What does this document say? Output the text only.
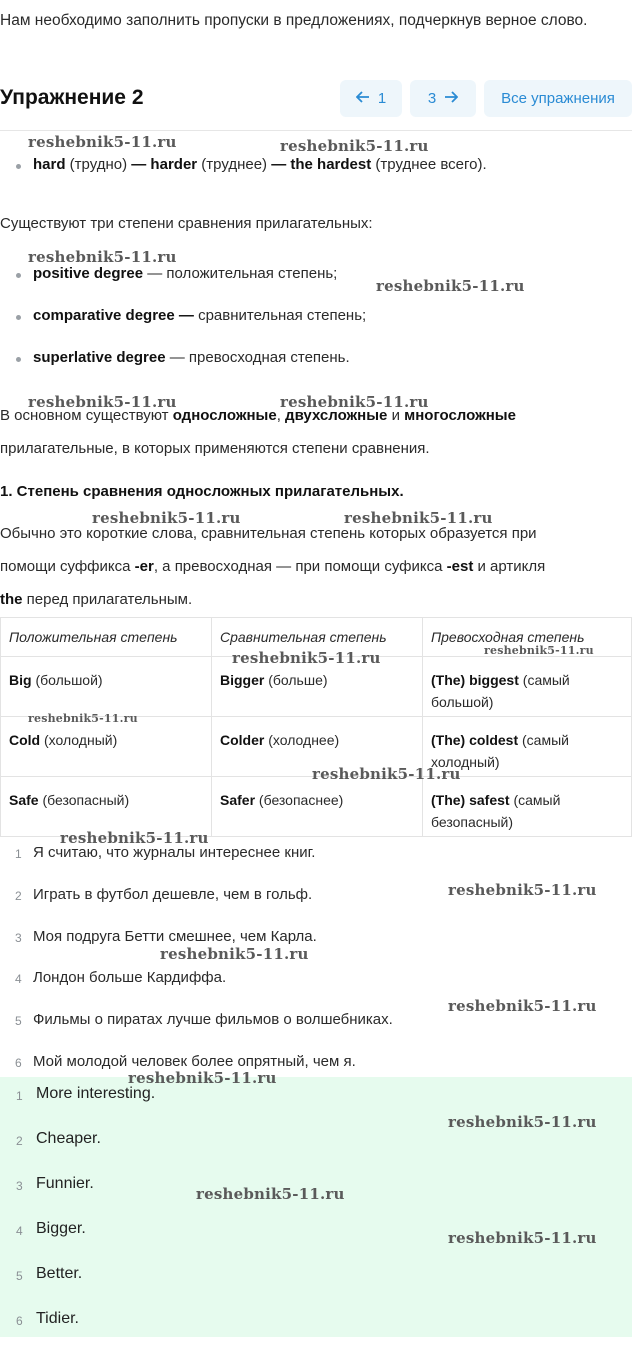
Нам необходимо заполнить пропуски в предложениях, подчеркнув верное слово.
Упражнение 2	1	3	Все упражнения
hard (трудно) — harder (труднее) — the hardest (труднее всего).
Существуют три степени сравнения прилагательных:
positive degree — положительная степень;
comparative degree — сравнительная степень;
superlative degree — превосходная степень.
В основном существуют односложные, двухсложные и многосложные
прилагательные, в которых применяются степени сравнения.
1. Степень сравнения односложных прилагательных.
Обычно это короткие слова, сравнительная степень которых образуется при
помощи суффикса -er, а превосходная — при помощи суфикса -est и артикля
the перед прилагательным.
Положительная степень	Сравнительная степень	Превосходная степень
Big (большой)	Bigger (больше)	(The) biggest (самый большой)
Cold (холодный)	Colder (холоднее)	(The) coldest (самый холодный)
Safe (безопасный)	Safer (безопаснее)	(The) safest (самый безопасный)
1 Я считаю, что журналы интереснее книг.
2 Играть в футбол дешевле, чем в гольф.
3 Моя подруга Бетти смешнее, чем Карла.
4 Лондон больше Кардиффа.
5 Фильмы о пиратах лучше фильмов о волшебниках.
6 Мой молодой человек более опрятный, чем я.
1 More interesting.
2 Cheaper.
3 Funnier.
4 Bigger.
5 Better.
6 Tidier.
reshebnik5-11.ru	reshebnik5-11.ru
reshebnik5-11.ru
reshebnik5-11.ru
reshebnik5-11.ru	reshebnik5-11.ru
reshebnik5-11.ru	reshebnik5-11.ru
reshebnik5-11.ru	reshebnik5-11.ru
reshebnik5-11.ru
reshebnik5-11.ru
reshebnik5-11.ru
reshebnik5-11.ru
reshebnik5-11.ru
reshebnik5-11.ru
reshebnik5-11.ru
reshebnik5-11.ru
reshebnik5-11.ru
reshebnik5-11.ru
